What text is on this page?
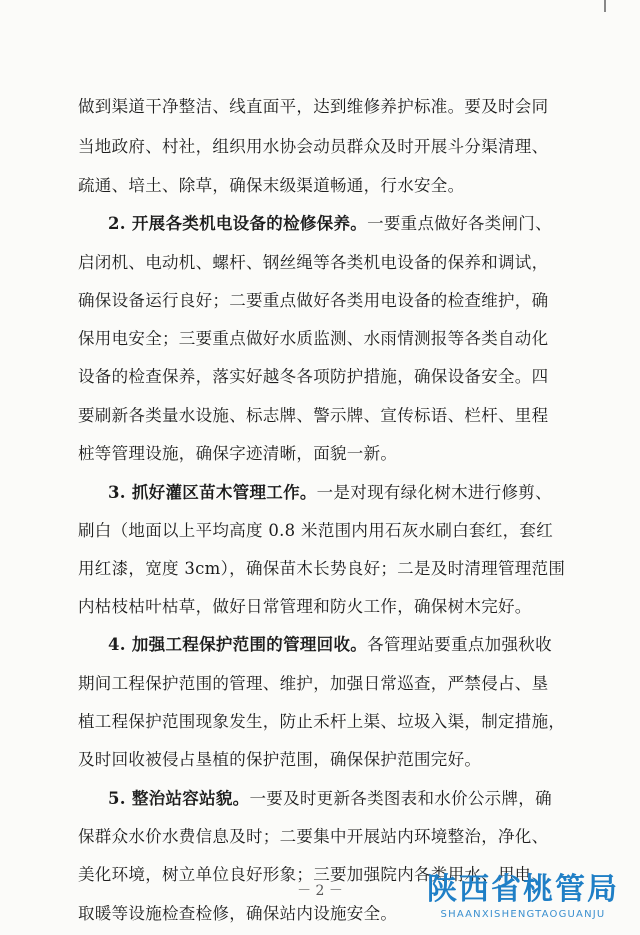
做到渠道干净整洁、线直面平，达到维修养护标准。要及时会同
当地政府、村社，组织用水协会动员群众及时开展斗分渠清理、
疏通、培土、除草，确保末级渠道畅通，行水安全。
2. 开展各类机电设备的检修保养。一要重点做好各类闸门、
启闭机、电动机、螺杆、钢丝绳等各类机电设备的保养和调试，
确保设备运行良好；二要重点做好各类用电设备的检查维护，确
保用电安全；三要重点做好水质监测、水雨情测报等各类自动化
设备的检查保养，落实好越冬各项防护措施，确保设备安全。四
要刷新各类量水设施、标志牌、警示牌、宣传标语、栏杆、里程
桩等管理设施，确保字迹清晰，面貌一新。
3. 抓好灌区苗木管理工作。一是对现有绿化树木进行修剪、
刷白（地面以上平均高度 0.8 米范围内用石灰水刷白套红，套红
用红漆，宽度 3cm），确保苗木长势良好；二是及时清理管理范围
内枯枝枯叶枯草，做好日常管理和防火工作，确保树木完好。
4. 加强工程保护范围的管理回收。各管理站要重点加强秋收
期间工程保护范围的管理、维护，加强日常巡查，严禁侵占、垦
植工程保护范围现象发生，防止禾杆上渠、垃圾入渠，制定措施，
及时回收被侵占垦植的保护范围，确保保护范围完好。
5. 整治站容站貌。一要及时更新各类图表和水价公示牌，确
保群众水价水费信息及时；二要集中开展站内环境整治，净化、
美化环境，树立单位良好形象；三要加强院内各类用水、用电、
取暖等设施检查检修，确保站内设施安全。
－ 2 －	陕西省桃管局
SHAANXISHENGTAOGUANJU
